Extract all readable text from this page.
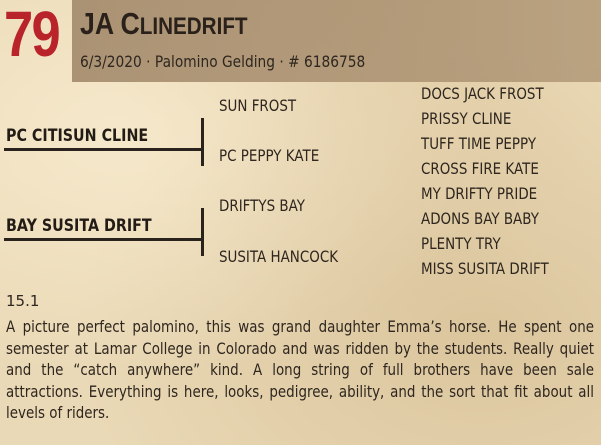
79 JA CLINEDRIFT
6/3/2020 · Palomino Gelding · # 6186758
PC CITISUN CLINE
BAY SUSITA DRIFT
SUN FROST
PC PEPPY KATE
DRIFTYS BAY
SUSITA HANCOCK
DOCS JACK FROST
PRISSY CLINE
TUFF TIME PEPPY
CROSS FIRE KATE
MY DRIFTY PRIDE
ADONS BAY BABY
PLENTY TRY
MISS SUSITA DRIFT
15.1
A picture perfect palomino, this was grand daughter Emma’s horse. He spent one semester at Lamar College in Colorado and was ridden by the students. Really quiet and the “catch anywhere” kind. A long string of full brothers have been sale attractions. Everything is here, looks, pedigree, ability, and the sort that fit about all levels of riders.
